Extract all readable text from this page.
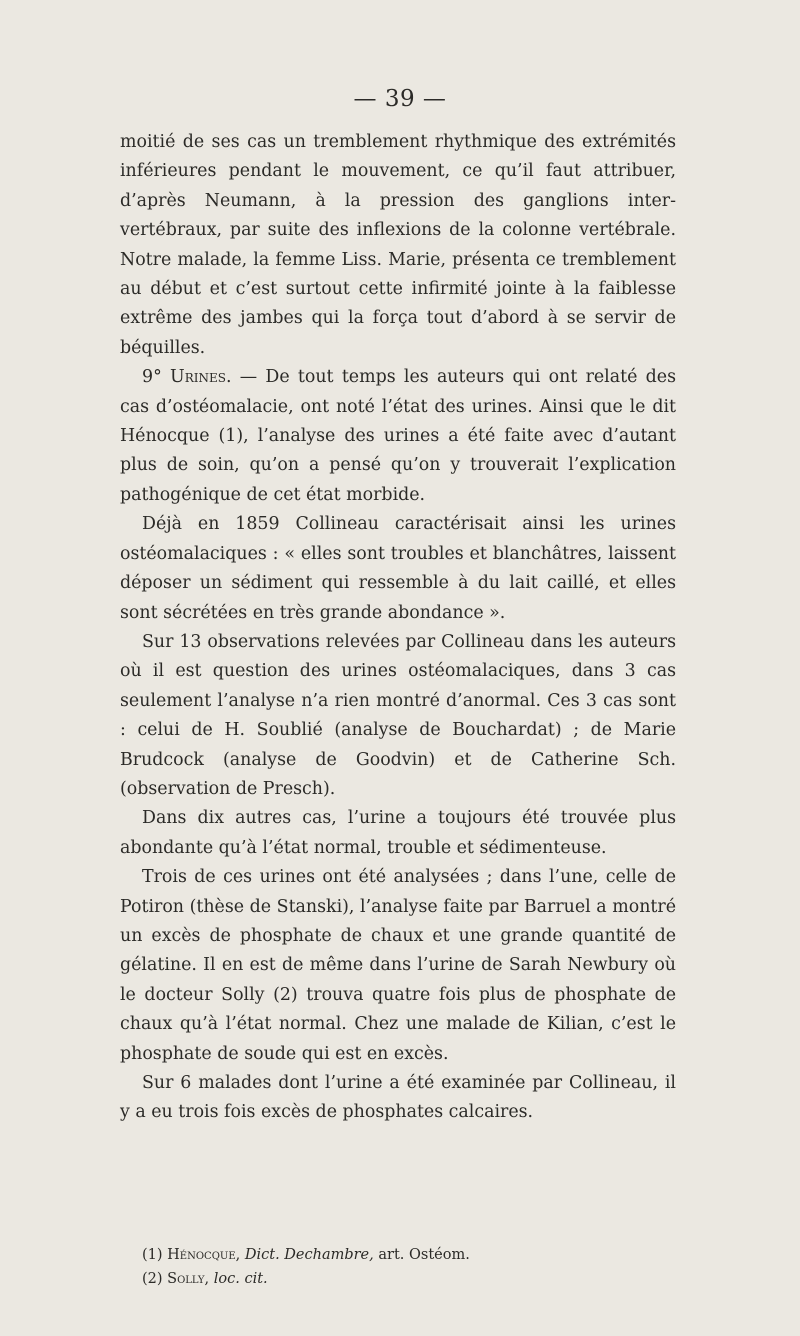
— 39 —

moitié de ses cas un tremblement rhythmique des extrémités inférieures pendant le mouvement, ce qu’il faut attribuer, d’après Neumann, à la pression des ganglions inter-vertébraux, par suite des inflexions de la colonne vertébrale. Notre malade, la femme Liss. Marie, présenta ce tremblement au début et c’est surtout cette infirmité jointe à la faiblesse extrême des jambes qui la força tout d’abord à se servir de béquilles.

9° Urines. — De tout temps les auteurs qui ont relaté des cas d’ostéomalacie, ont noté l’état des urines. Ainsi que le dit Hénocque (1), l’analyse des urines a été faite avec d’autant plus de soin, qu’on a pensé qu’on y trouverait l’explication pathogénique de cet état morbide.

Déjà en 1859 Collineau caractérisait ainsi les urines ostéomalaciques : « elles sont troubles et blanchâtres, laissent déposer un sédiment qui ressemble à du lait caillé, et elles sont sécrétées en très grande abondance ».

Sur 13 observations relevées par Collineau dans les auteurs où il est question des urines ostéomalaciques, dans 3 cas seulement l’analyse n’a rien montré d’anormal. Ces 3 cas sont : celui de H. Soublié (analyse de Bouchardat) ; de Marie Brudcock (analyse de Goodvin) et de Catherine Sch. (observation de Presch).

Dans dix autres cas, l’urine a toujours été trouvée plus abondante qu’à l’état normal, trouble et sédimenteuse.

Trois de ces urines ont été analysées ; dans l’une, celle de Potiron (thèse de Stanski), l’analyse faite par Barruel a montré un excès de phosphate de chaux et une grande quantité de gélatine. Il en est de même dans l’urine de Sarah Newbury où le docteur Solly (2) trouva quatre fois plus de phosphate de chaux qu’à l’état normal. Chez une malade de Kilian, c’est le phosphate de soude qui est en excès.

Sur 6 malades dont l’urine a été examinée par Collineau, il y a eu trois fois excès de phosphates calcaires.

(1) Hénocque, Dict. Dechambre, art. Ostéom.

(2) Solly, loc. cit.
